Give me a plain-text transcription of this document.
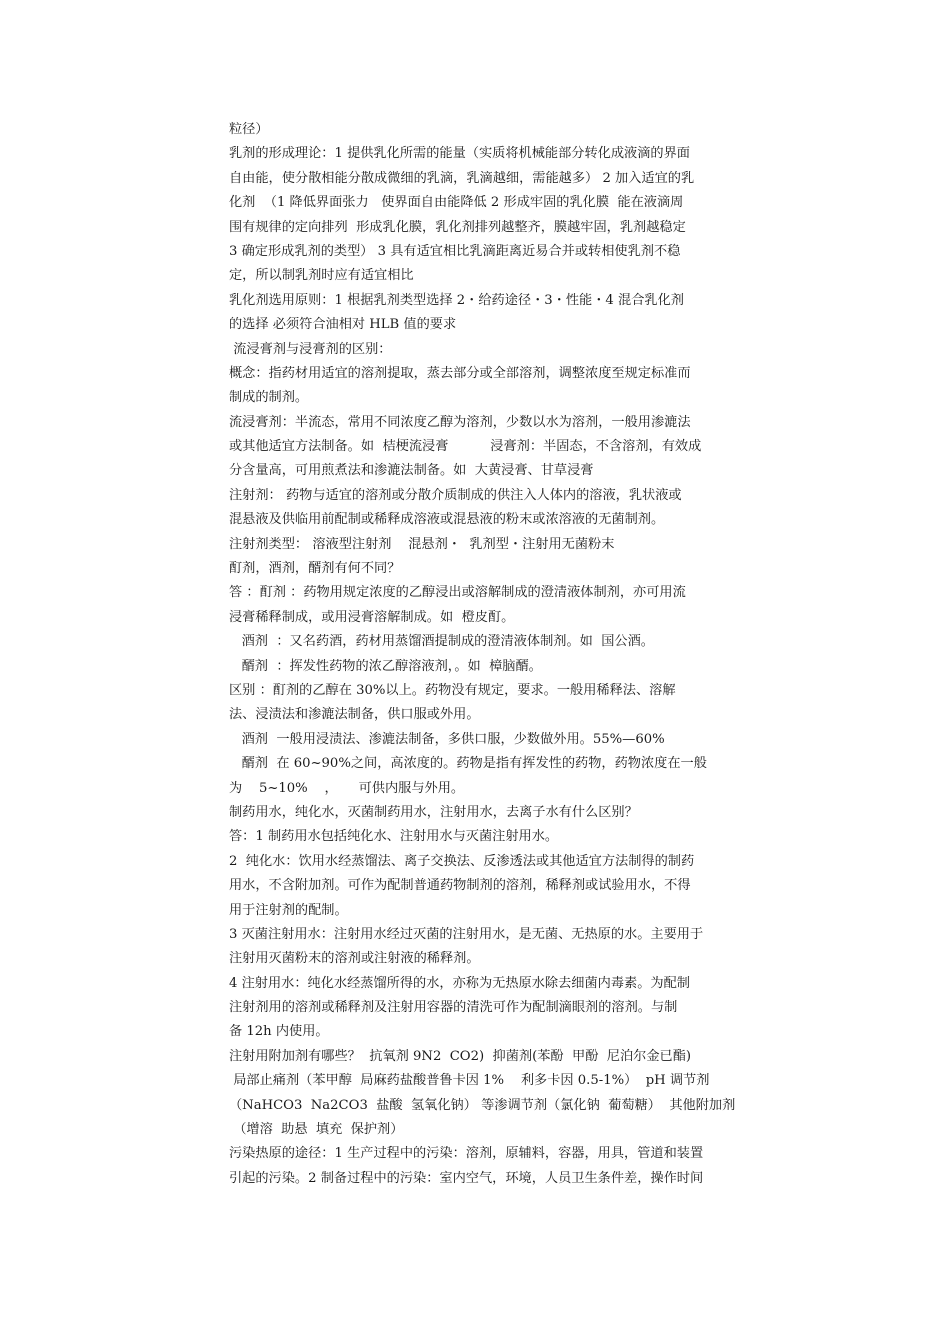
粒径）
乳剂的形成理论：1 提供乳化所需的能量（实质将机械能部分转化成液滴的界面
自由能，使分散相能分散成微细的乳滴，乳滴越细，需能越多） 2 加入适宜的乳
化剂  （1 降低界面张力   使界面自由能降低 2 形成牢固的乳化膜  能在液滴周
围有规律的定向排列  形成乳化膜，乳化剂排列越整齐，膜越牢固，乳剂越稳定
3 确定形成乳剂的类型） 3 具有适宜相比乳滴距离近易合并或转相使乳剂不稳
定，所以制乳剂时应有适宜相比
乳化剂选用原则：1 根据乳剂类型选择 2・给药途径・3・性能・4 混合乳化剂
的选择 必须符合油相对 HLB 值的要求
流浸膏剂与浸膏剂的区别：
概念：指药材用适宜的溶剂提取，蒸去部分或全部溶剂，调整浓度至规定标准而
制成的制剂。
流浸膏剂：半流态，常用不同浓度乙醇为溶剂，少数以水为溶剂，一般用渗漉法
或其他适宜方法制备。如  桔梗流浸膏          浸膏剂：半固态，不含溶剂，有效成
分含量高，可用煎煮法和渗漉法制备。如  大黄浸膏、甘草浸膏
注射剂： 药物与适宜的溶剂或分散介质制成的供注入人体内的溶液，乳状液或
混悬液及供临用前配制或稀释成溶液或混悬液的粉末或浓溶液的无菌制剂。
注射剂类型： 溶液型注射剂    混悬剂・  乳剂型・注射用无菌粉末
酊剂，酒剂，醑剂有何不同？
答 ：酊剂 ：药物用规定浓度的乙醇浸出或溶解制成的澄清液体制剂，亦可用流
浸膏稀释制成，或用浸膏溶解制成。如  橙皮酊。
酒剂  ：又名药酒，药材用蒸馏酒提制成的澄清液体制剂。如  国公酒。
醑剂  ：挥发性药物的浓乙醇溶液剂，。如  樟脑醑。
区别 ：酊剂的乙醇在 30%以上。药物没有规定，要求。一般用稀释法、溶解
法、浸渍法和渗漉法制备，供口服或外用。
酒剂  一般用浸渍法、渗漉法制备，多供口服，少数做外用。55%—60%
醑剂  在 60~90%之间，高浓度的。药物是指有挥发性的药物，药物浓度在一般
为    5~10%    ，     可供内服与外用。
制药用水，纯化水，灭菌制药用水，注射用水，去离子水有什么区别？
答：1 制药用水包括纯化水、注射用水与灭菌注射用水。
2  纯化水：饮用水经蒸馏法、离子交换法、反渗透法或其他适宜方法制得的制药
用水，不含附加剂。可作为配制普通药物制剂的溶剂，稀释剂或试验用水，不得
用于注射剂的配制。
3 灭菌注射用水：注射用水经过灭菌的注射用水，是无菌、无热原的水。主要用于
注射用灭菌粉末的溶剂或注射液的稀释剂。
4 注射用水：纯化水经蒸馏所得的水，亦称为无热原水除去细菌内毒素。为配制
注射剂用的溶剂或稀释剂及注射用容器的清洗可作为配制滴眼剂的溶剂。与制
备 12h 内使用。
注射用附加剂有哪些？  抗氧剂 9N2  CO2)  抑菌剂(苯酚  甲酚  尼泊尔金已酯)
局部止痛剂（苯甲醇  局麻药盐酸普鲁卡因 1%    利多卡因 0.5-1%）  pH 调节剂
（NaHCO3  Na2CO3  盐酸  氢氧化钠） 等渗调节剂（氯化钠  葡萄糖）  其他附加剂
（增溶  助悬  填充  保护剂）
污染热原的途径：1 生产过程中的污染：溶剂，原辅料，容器，用具，管道和装置
引起的污染。2 制备过程中的污染：室内空气，环境，人员卫生条件差，操作时间
